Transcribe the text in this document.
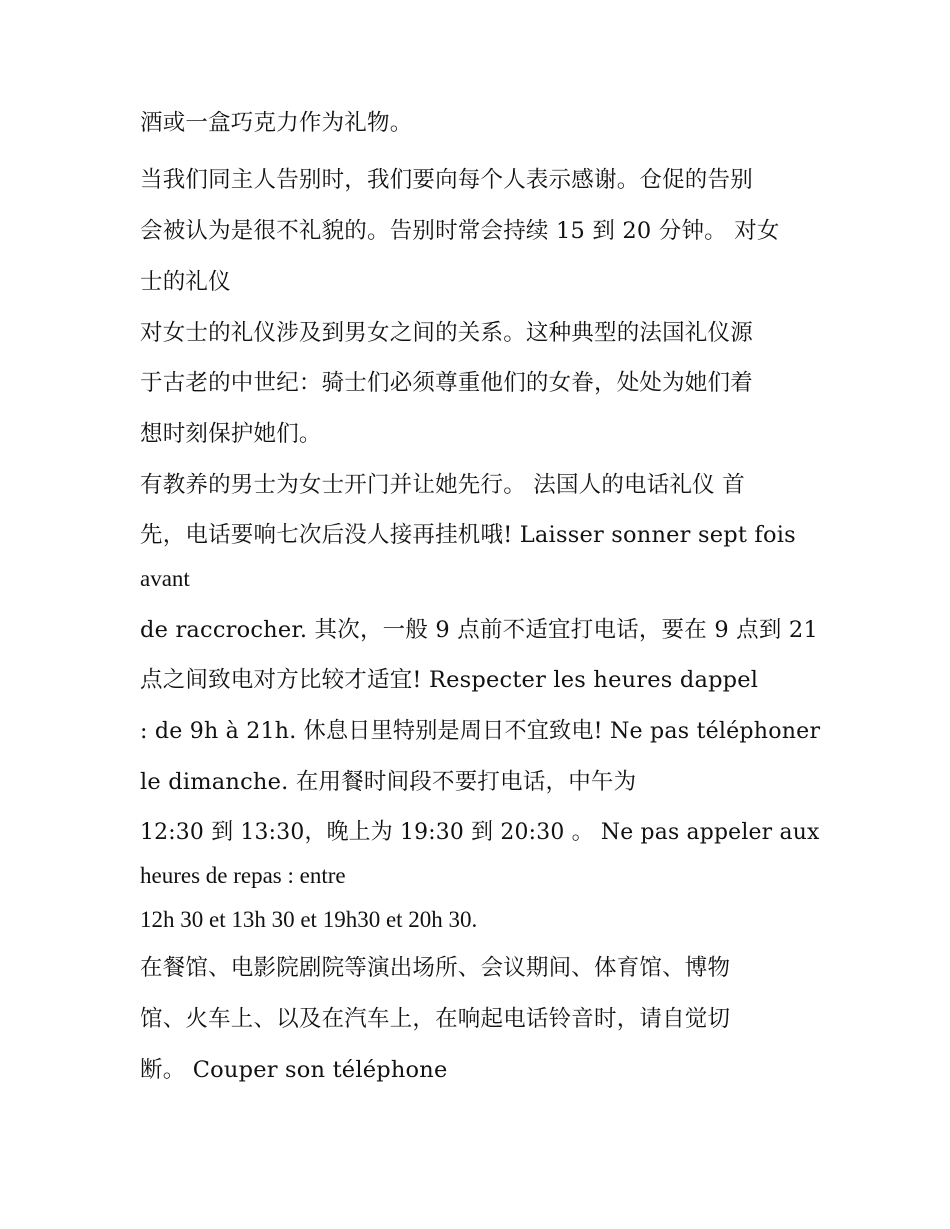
酒或一盒巧克力作为礼物。
当我们同主人告别时，我们要向每个人表示感谢。仓促的告别
会被认为是很不礼貌的。告别时常会持续 15 到 20 分钟。 对女
士的礼仪
对女士的礼仪涉及到男女之间的关系。这种典型的法国礼仪源
于古老的中世纪：骑士们必须尊重他们的女眷，处处为她们着
想时刻保护她们。
有教养的男士为女士开门并让她先行。 法国人的电话礼仪 首
先，电话要响七次后没人接再挂机哦! Laisser sonner sept fois
avant
de raccrocher. 其次，一般 9 点前不适宜打电话，要在 9 点到 21
点之间致电对方比较才适宜! Respecter les heures dappel
: de 9h à 21h. 休息日里特别是周日不宜致电! Ne pas téléphoner
le dimanche. 在用餐时间段不要打电话，中午为
12:30 到 13:30，晚上为 19:30 到 20:30 。 Ne pas appeler aux
heures de repas : entre
12h 30 et 13h 30 et 19h30 et 20h 30.
在餐馆、电影院剧院等演出场所、会议期间、体育馆、博物
馆、火车上、以及在汽车上，在响起电话铃音时，请自觉切
断。 Couper son téléphone
